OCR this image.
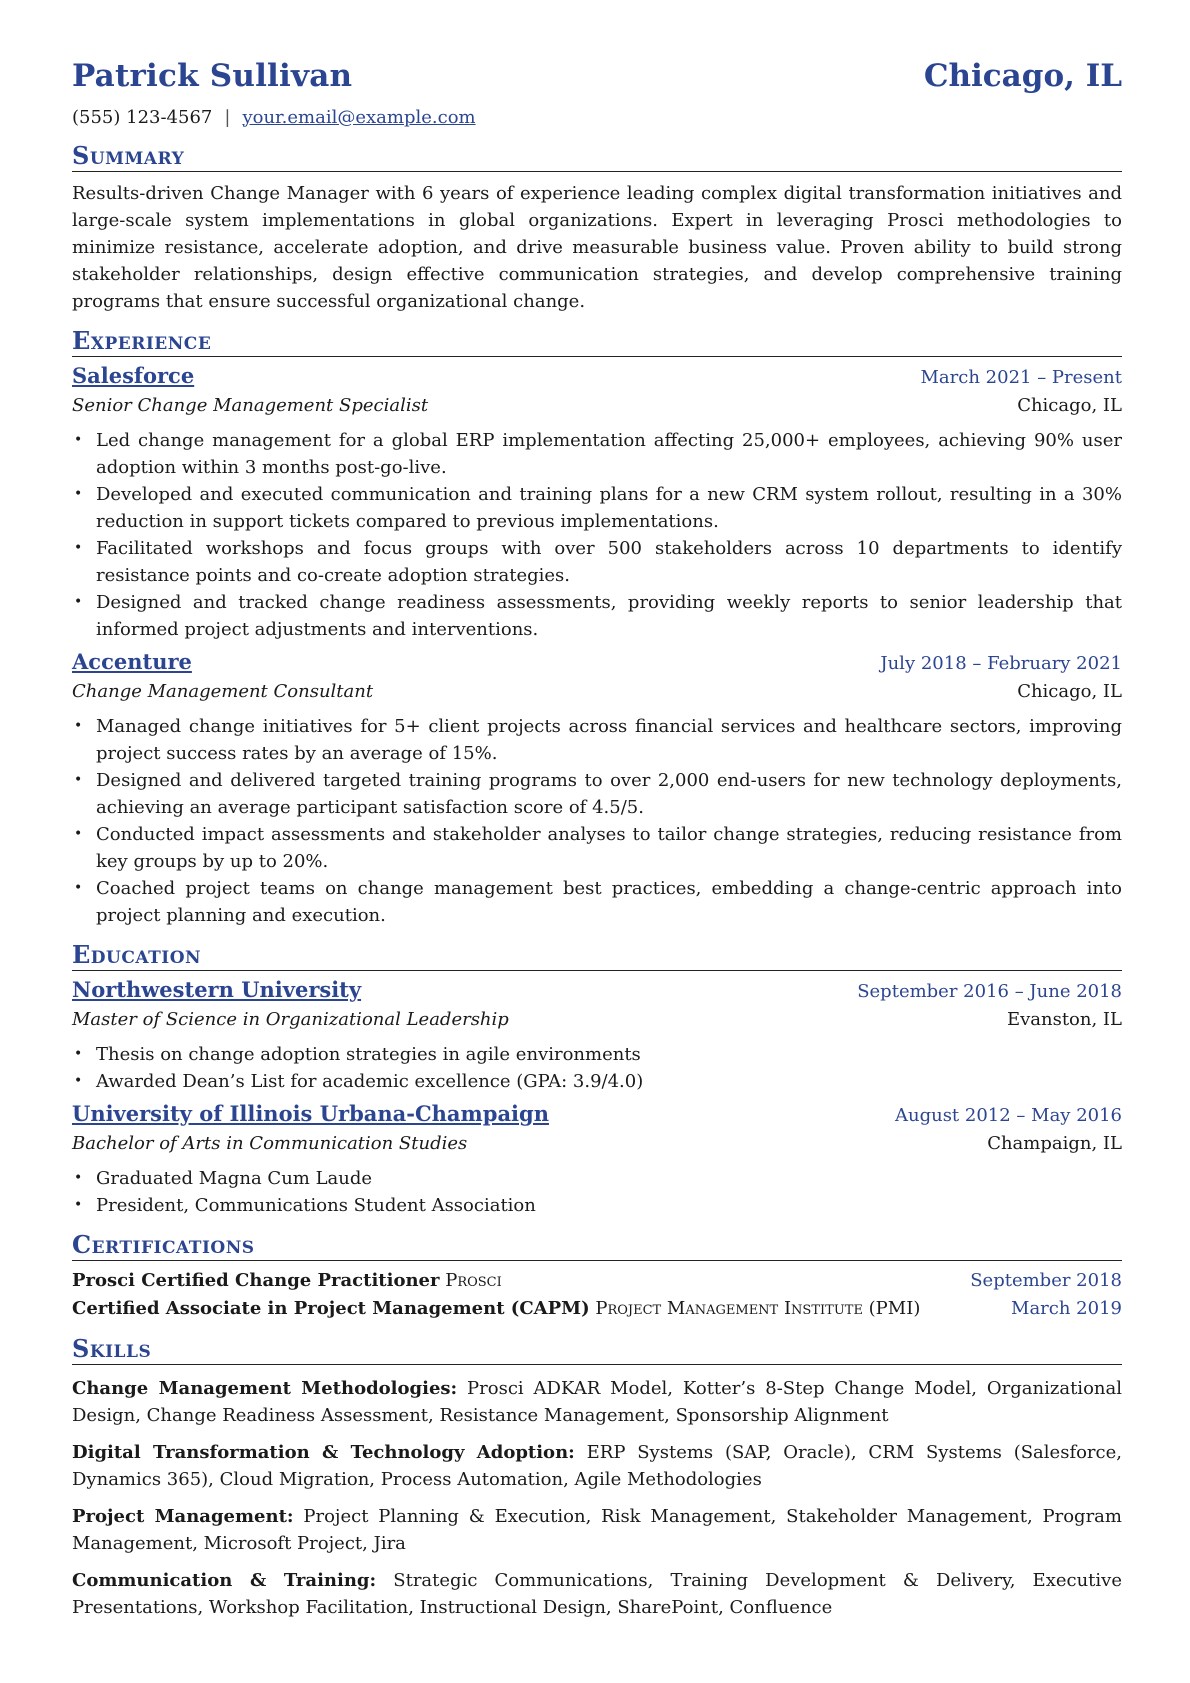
Patrick Sullivan	Chicago, IL
(555) 123-4567 | your.email@example.com
Summary
Results-driven Change Manager with 6 years of experience leading complex digital transformation initiatives and large-scale system implementations in global organizations. Expert in leveraging Prosci methodologies to minimize resistance, accelerate adoption, and drive measurable business value. Proven ability to build strong stakeholder relationships, design effective communication strategies, and develop comprehensive training programs that ensure successful organizational change.
Experience
Salesforce	March 2021 – Present
Senior Change Management Specialist	Chicago, IL
• Led change management for a global ERP implementation affecting 25,000+ employees, achieving 90% user adoption within 3 months post-go-live.
• Developed and executed communication and training plans for a new CRM system rollout, resulting in a 30% reduction in support tickets compared to previous implementations.
• Facilitated workshops and focus groups with over 500 stakeholders across 10 departments to identify resistance points and co-create adoption strategies.
• Designed and tracked change readiness assessments, providing weekly reports to senior leadership that informed project adjustments and interventions.
Accenture	July 2018 – February 2021
Change Management Consultant	Chicago, IL
• Managed change initiatives for 5+ client projects across financial services and healthcare sectors, improving project success rates by an average of 15%.
• Designed and delivered targeted training programs to over 2,000 end-users for new technology deployments, achieving an average participant satisfaction score of 4.5/5.
• Conducted impact assessments and stakeholder analyses to tailor change strategies, reducing resistance from key groups by up to 20%.
• Coached project teams on change management best practices, embedding a change-centric approach into project planning and execution.
Education
Northwestern University	September 2016 – June 2018
Master of Science in Organizational Leadership	Evanston, IL
• Thesis on change adoption strategies in agile environments
• Awarded Dean’s List for academic excellence (GPA: 3.9/4.0)
University of Illinois Urbana-Champaign	August 2012 – May 2016
Bachelor of Arts in Communication Studies	Champaign, IL
• Graduated Magna Cum Laude
• President, Communications Student Association
Certifications
Prosci Certified Change Practitioner Prosci	September 2018
Certified Associate in Project Management (CAPM) Project Management Institute (PMI)	March 2019
Skills
Change Management Methodologies: Prosci ADKAR Model, Kotter’s 8-Step Change Model, Organizational Design, Change Readiness Assessment, Resistance Management, Sponsorship Alignment
Digital Transformation & Technology Adoption: ERP Systems (SAP, Oracle), CRM Systems (Salesforce, Dynamics 365), Cloud Migration, Process Automation, Agile Methodologies
Project Management: Project Planning & Execution, Risk Management, Stakeholder Management, Program Management, Microsoft Project, Jira
Communication & Training: Strategic Communications, Training Development & Delivery, Executive Presentations, Workshop Facilitation, Instructional Design, SharePoint, Confluence
